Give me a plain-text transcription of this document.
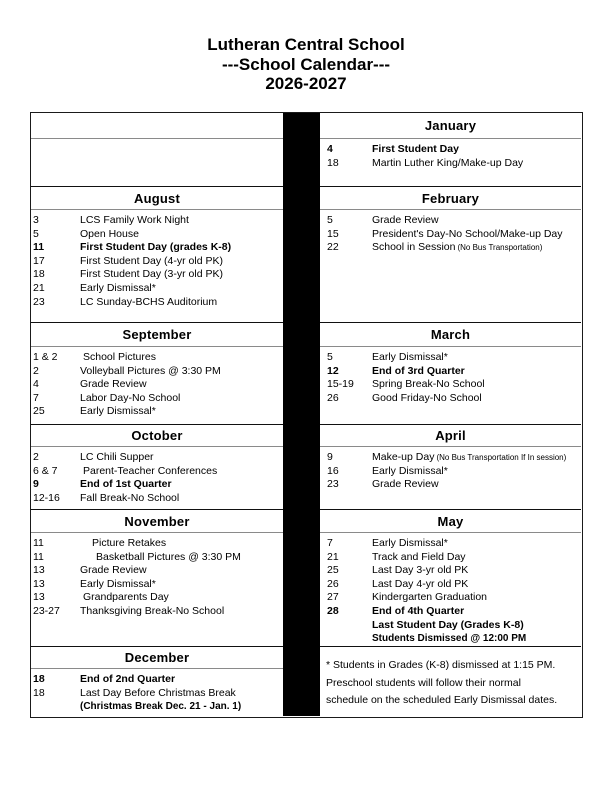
Lutheran Central School
---School Calendar---
2026-2027
January
4	First Student Day
18	Martin Luther King/Make-up Day
August
3	LCS Family Work Night
5	Open House
11	First Student Day (grades K-8)
17	First Student Day (4-yr old PK)
18	First Student Day (3-yr old PK)
21	Early Dismissal*
23	LC Sunday-BCHS Auditorium
February
5	Grade Review
15	President's Day-No School/Make-up Day
22	School in Session (No Bus Transportation)
September
1 & 2	School Pictures
2	Volleyball Pictures @ 3:30 PM
4	Grade Review
7	Labor Day-No School
25	Early Dismissal*
March
5	Early Dismissal*
12	End of 3rd Quarter
15-19	Spring Break-No School
26	Good Friday-No School
October
2	LC Chili Supper
6 & 7	Parent-Teacher Conferences
9	End of 1st Quarter
12-16	Fall Break-No School
April
9	Make-up Day (No Bus Transportation If In session)
16	Early Dismissal*
23	Grade Review
November
11	Picture Retakes
11	Basketball Pictures @ 3:30 PM
13	Grade Review
13	Early Dismissal*
13	Grandparents Day
23-27	Thanksgiving Break-No School
May
7	Early Dismissal*
21	Track and Field Day
25	Last Day 3-yr old PK
26	Last Day 4-yr old PK
27	Kindergarten Graduation
28	End of 4th Quarter
Last Student Day (Grades K-8)
Students Dismissed @ 12:00 PM
December
18	End of 2nd Quarter
18	Last Day Before Christmas Break
(Christmas Break Dec. 21 - Jan. 1)
* Students in Grades (K-8) dismissed at 1:15 PM.
Preschool students will follow their normal
schedule on the scheduled Early Dismissal dates.
